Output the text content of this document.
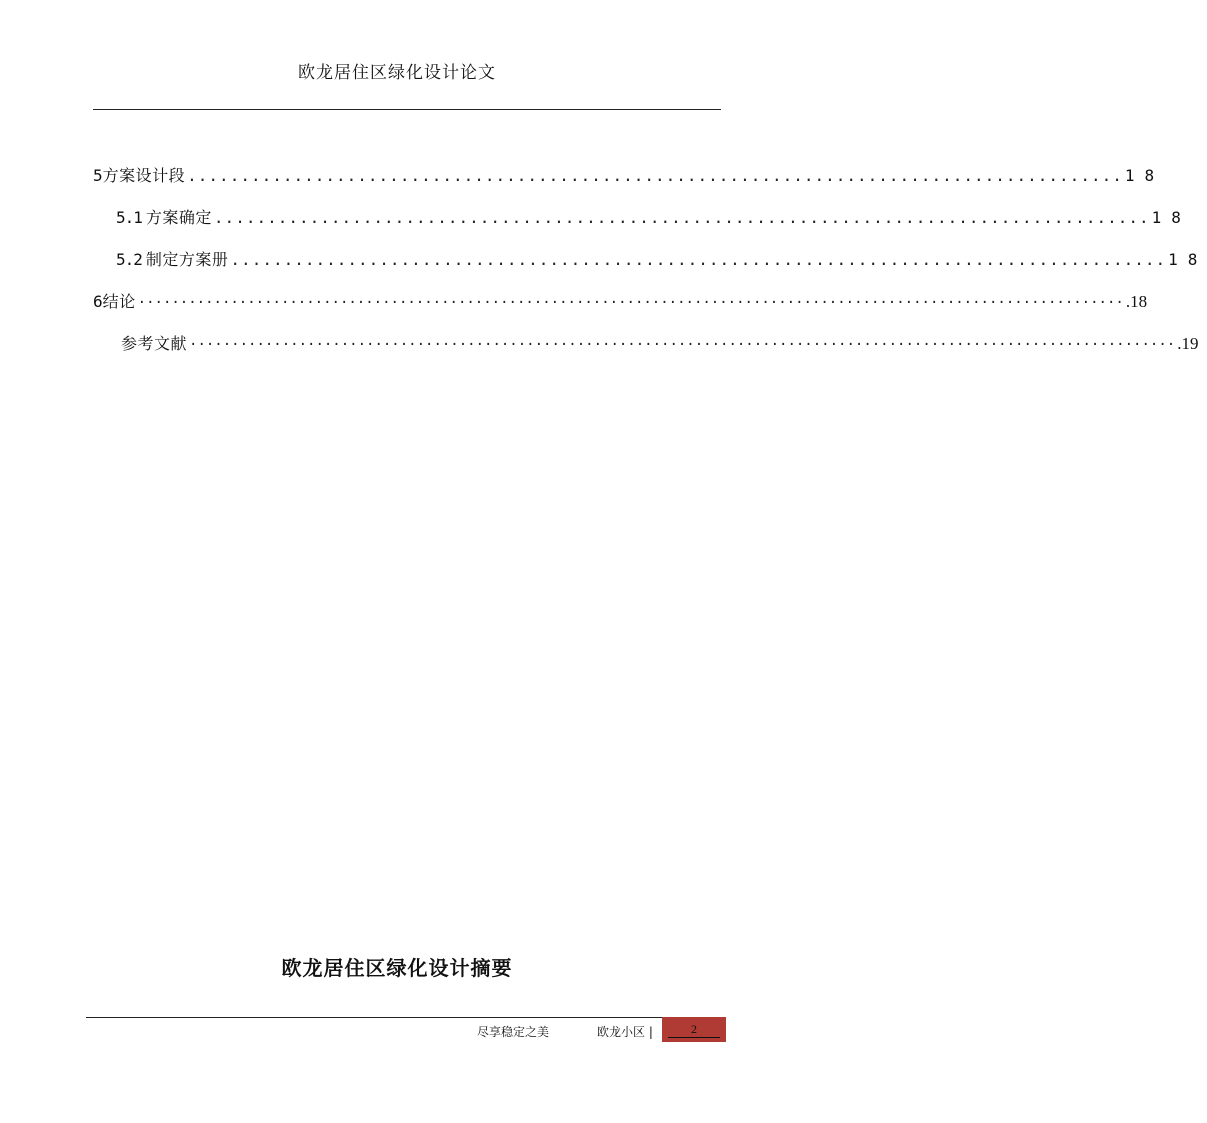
欧龙居住区绿化设计论文
5 方案设计段 ........................................................................................ 18
5.1 方案确定 ........................................................................................ 18
5.2 制定方案册 ........................................................................................ 18
6 结论 ····················································································································· .18
参考文献 ····················································································································· .19
欧龙居住区绿化设计摘要
尽享稳定之美	欧龙小区 |	2
